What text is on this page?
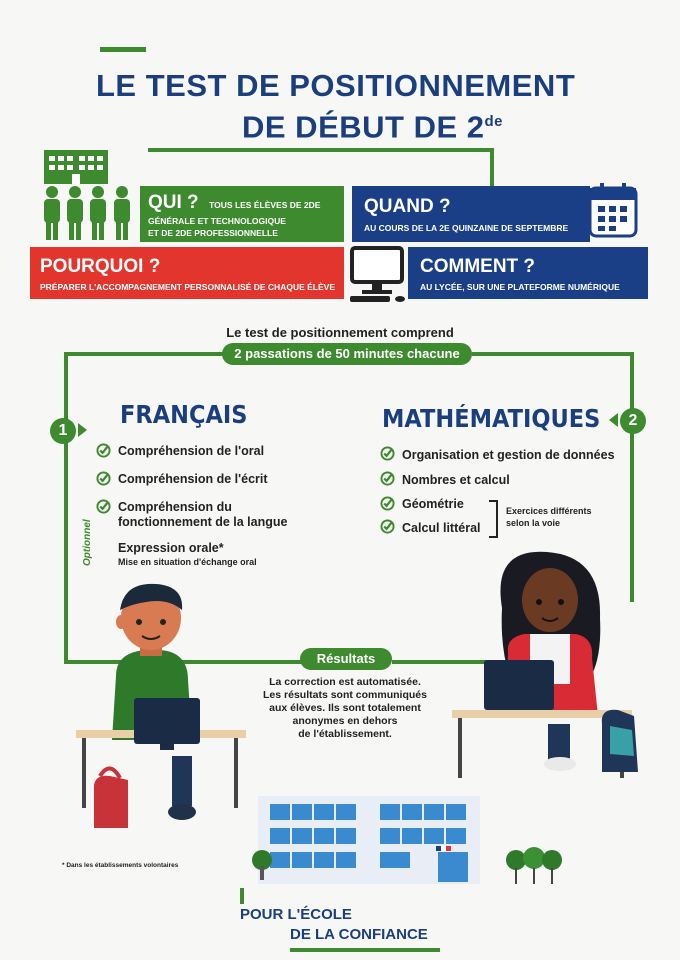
LE TEST DE POSITIONNEMENT
DE DÉBUT DE 2de
QUI ? TOUS LES ÉLÈVES DE 2DE
GÉNÉRALE ET TECHNOLOGIQUE
ET DE 2DE PROFESSIONNELLE
QUAND ?
AU COURS DE LA 2E QUINZAINE DE SEPTEMBRE
POURQUOI ?
PRÉPARER L'ACCOMPAGNEMENT PERSONNALISÉ DE CHAQUE ÉLÈVE
COMMENT ?
AU LYCÉE, SUR UNE PLATEFORME NUMÉRIQUE
Le test de positionnement comprend
2 passations de 50 minutes chacune
1
2
FRANÇAIS
Compréhension de l'oral
Compréhension de l'écrit
Compréhension du
fonctionnement de la langue
Optionnel Expression orale*
Mise en situation d'échange oral
MATHÉMATIQUES
Organisation et gestion de données
Nombres et calcul
Géométrie
Calcul littéral
Exercices différents
selon la voie
Résultats
La correction est automatisée.
Les résultats sont communiqués
aux élèves. Ils sont totalement
anonymes en dehors
de l'établissement.
* Dans les établissements volontaires
POUR L'ÉCOLE
DE LA CONFIANCE
